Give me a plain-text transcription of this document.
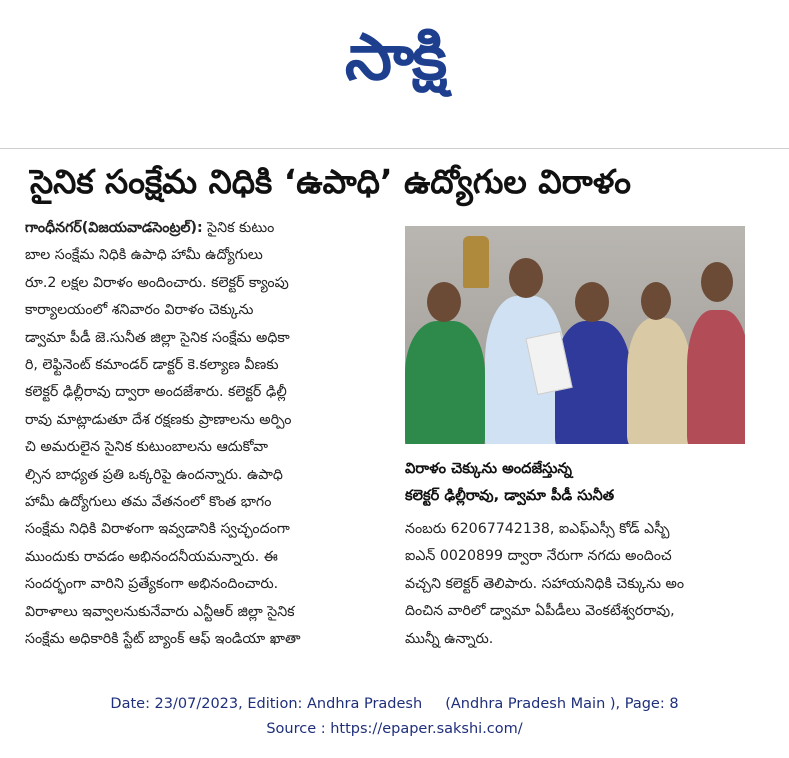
సాక్షి
సైనిక సంక్షేమ నిధికి ‘ఉపాధి’ ఉద్యోగుల విరాళం
గాంధీనగర్(విజయవాడసెంట్రల్): సైనిక కుటుం
బాల సంక్షేమ నిధికి ఉపాధి హామీ ఉద్యోగులు
రూ.2 లక్షల విరాళం అందించారు. కలెక్టర్ క్యాంపు
కార్యాలయంలో శనివారం విరాళం చెక్కును
డ్వామా పీడీ జె.సునీత జిల్లా సైనిక సంక్షేమ అధికా
రి, లెఫ్టినెంట్ కమాండర్ డాక్టర్ కె.కల్యాణ వీణకు
కలెక్టర్ ఢిల్లీరావు ద్వారా అందజేశారు. కలెక్టర్ ఢిల్లీ
రావు మాట్లాడుతూ దేశ రక్షణకు ప్రాణాలను అర్పిం
చి అమరులైన సైనిక కుటుంబాలను ఆదుకోవా
ల్సిన బాధ్యత ప్రతి ఒక్కరిపై ఉందన్నారు. ఉపాధి
హామీ ఉద్యోగులు తమ వేతనంలో కొంత భాగం
సంక్షేమ నిధికి విరాళంగా ఇవ్వడానికి స్వచ్ఛందంగా
ముందుకు రావడం అభినందనీయమన్నారు. ఈ
సందర్భంగా వారిని ప్రత్యేకంగా అభినందించారు.
విరాళాలు ఇవ్వాలనుకునేవారు ఎన్టీఆర్ జిల్లా సైనిక
సంక్షేమ అధికారికి స్టేట్ బ్యాంక్ ఆఫ్ ఇండియా ఖాతా
విరాళం చెక్కును అందజేస్తున్న
కలెక్టర్ ఢిల్లీరావు, డ్వామా పీడీ సునీత
నంబరు 62067742138, ఐఎఫ్ఎస్సీ కోడ్ ఎస్బీ
ఐఎన్ 0020899 ద్వారా నేరుగా నగదు అందించ
వచ్చని కలెక్టర్ తెలిపారు. సహాయనిధికి చెక్కును అం
దించిన వారిలో డ్వామా ఏపీడీలు వెంకటేశ్వరరావు,
మున్నీ ఉన్నారు.
Date: 23/07/2023, Edition: Andhra Pradesh     (Andhra Pradesh Main ), Page: 8
Source : https://epaper.sakshi.com/
